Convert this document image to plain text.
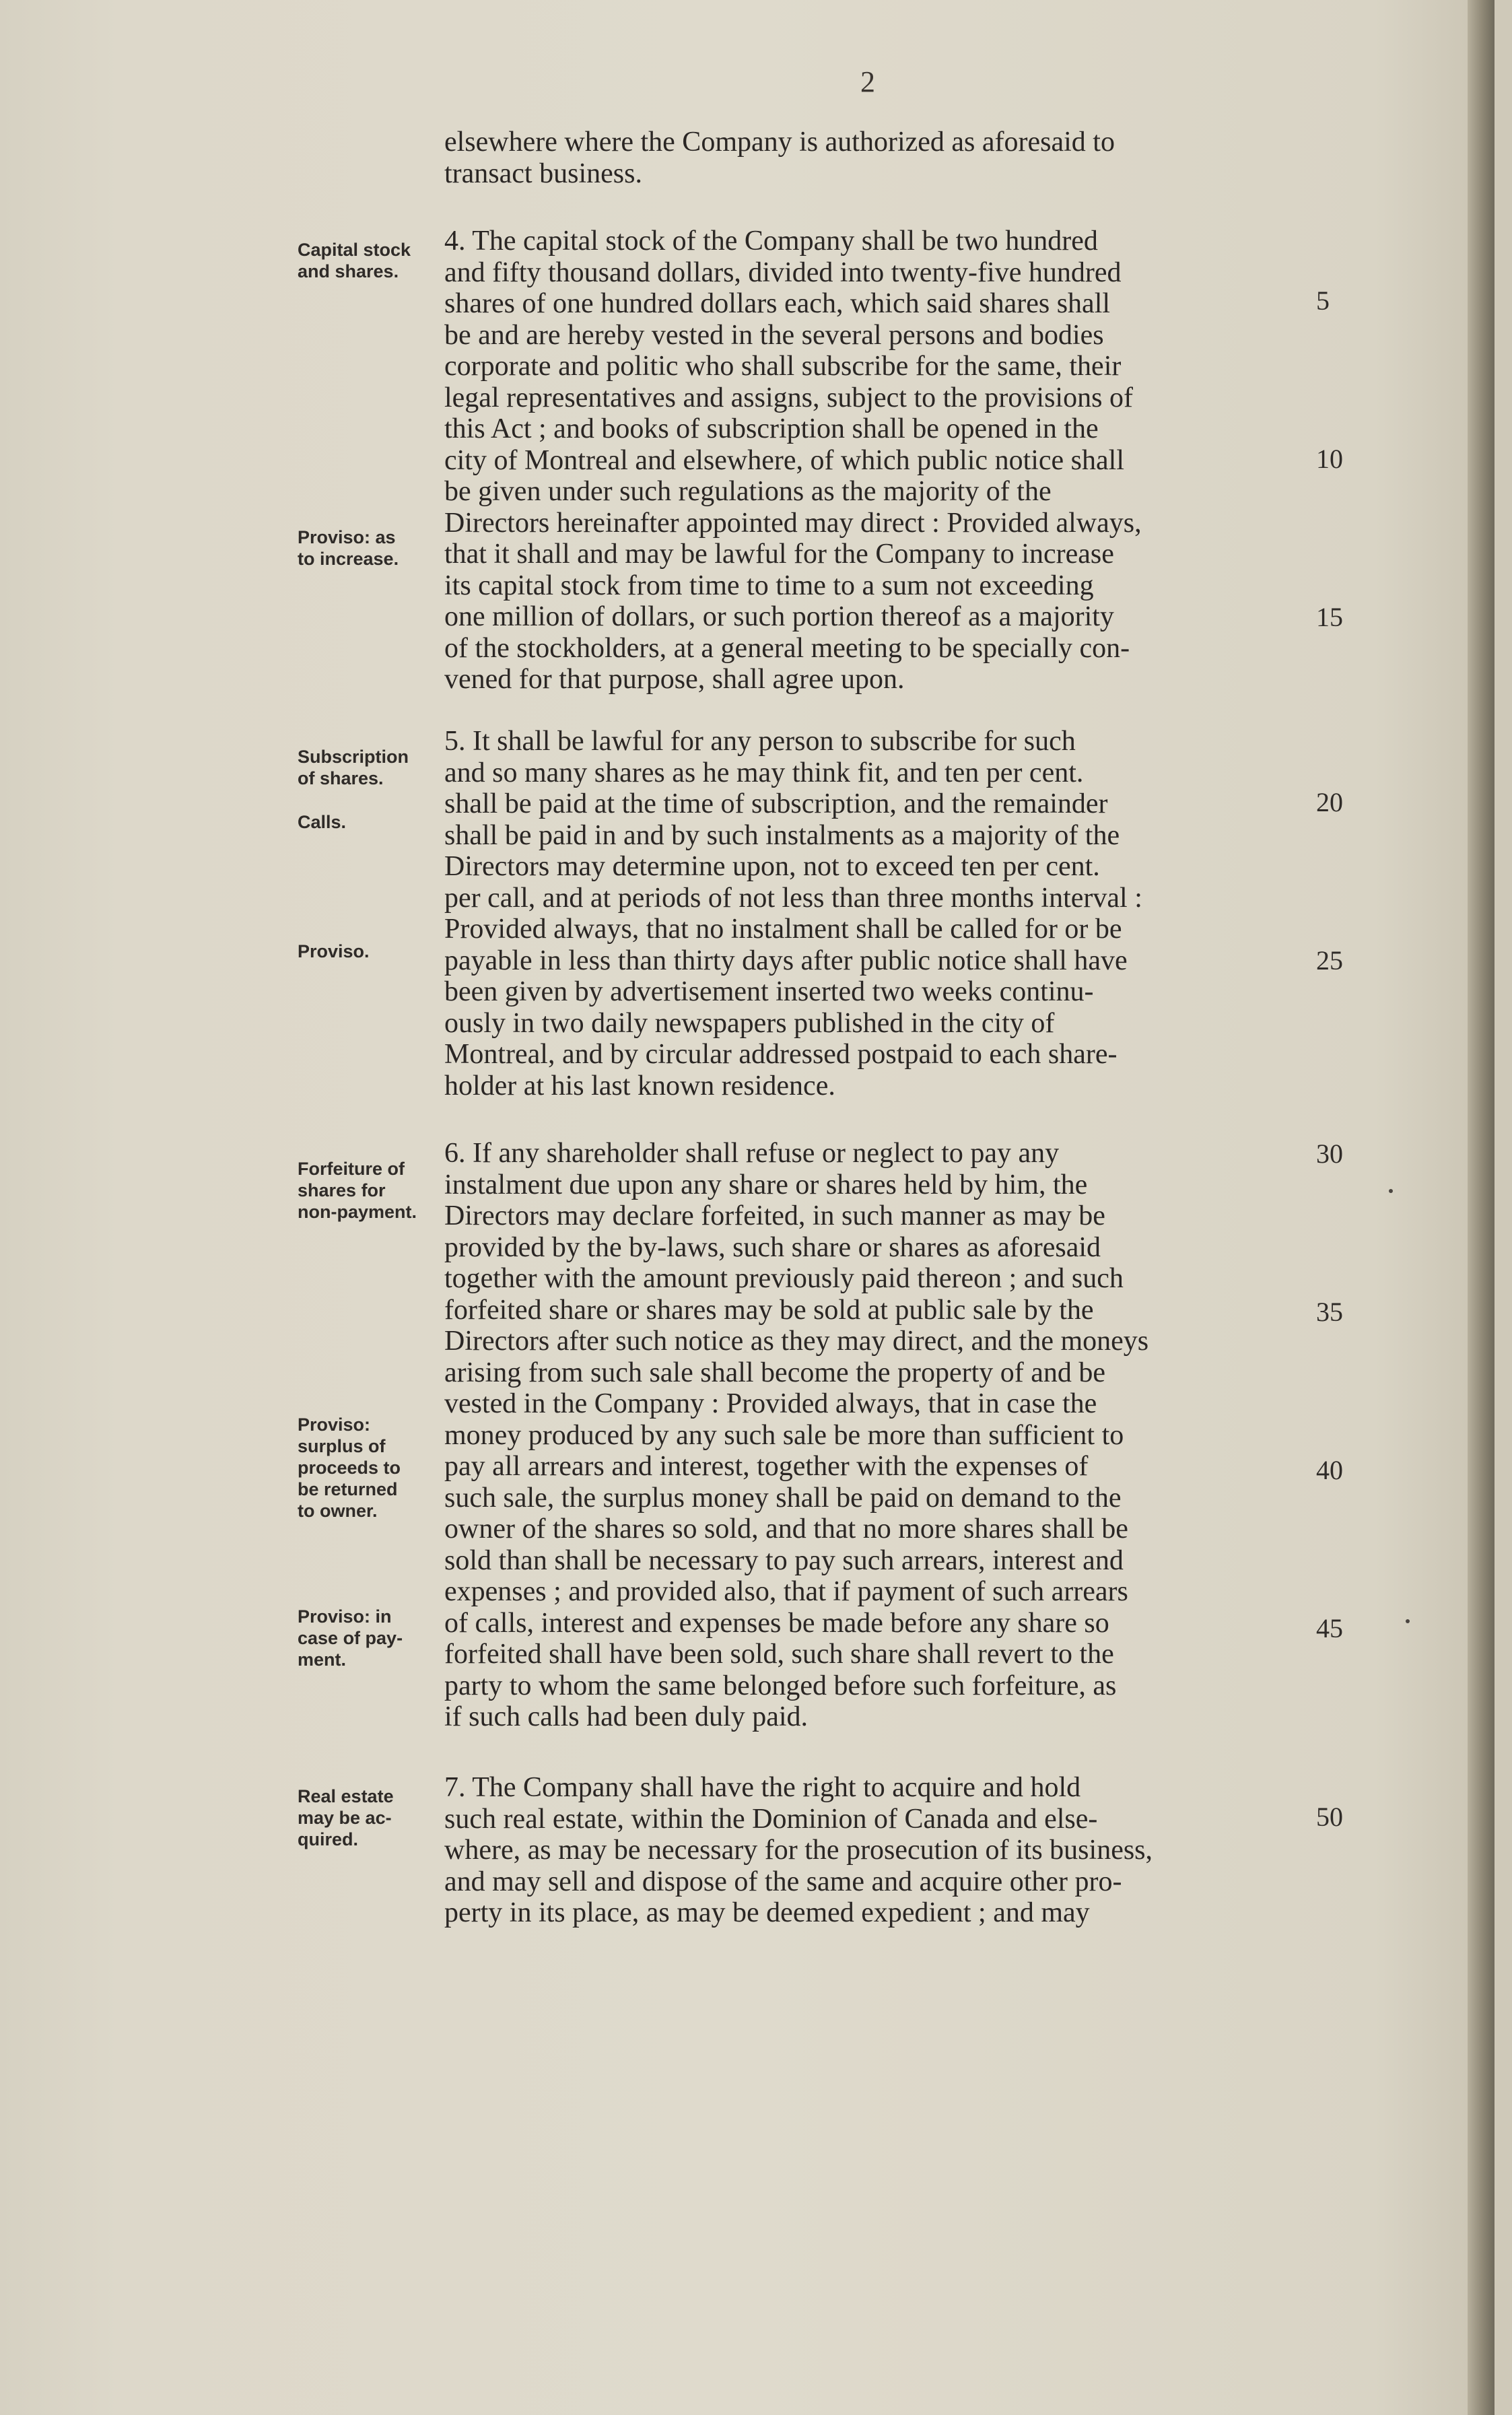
2
elsewhere where the Company is authorized as aforesaid to
transact business.
4. The capital stock of the Company shall be two hundred
and fifty thousand dollars, divided into twenty-five hundred
shares of one hundred dollars each, which said shares shall
be and are hereby vested in the several persons and bodies
corporate and politic who shall subscribe for the same, their
legal representatives and assigns, subject to the provisions of
this Act ; and books of subscription shall be opened in the
city of Montreal and elsewhere, of which public notice shall
be given under such regulations as the majority of the
Directors hereinafter appointed may direct : Provided always,
that it shall and may be lawful for the Company to increase
its capital stock from time to time to a sum not exceeding
one million of dollars, or such portion thereof as a majority
of the stockholders, at a general meeting to be specially con-
vened for that purpose, shall agree upon.
5. It shall be lawful for any person to subscribe for such
and so many shares as he may think fit, and ten per cent.
shall be paid at the time of subscription, and the remainder
shall be paid in and by such instalments as a majority of the
Directors may determine upon, not to exceed ten per cent.
per call, and at periods of not less than three months interval :
Provided always, that no instalment shall be called for or be
payable in less than thirty days after public notice shall have
been given by advertisement inserted two weeks continu-
ously in two daily newspapers published in the city of
Montreal, and by circular addressed postpaid to each share-
holder at his last known residence.
6. If any shareholder shall refuse or neglect to pay any
instalment due upon any share or shares held by him, the
Directors may declare forfeited, in such manner as may be
provided by the by-laws, such share or shares as aforesaid
together with the amount previously paid thereon ; and such
forfeited share or shares may be sold at public sale by the
Directors after such notice as they may direct, and the moneys
arising from such sale shall become the property of and be
vested in the Company : Provided always, that in case the
money produced by any such sale be more than sufficient to
pay all arrears and interest, together with the expenses of
such sale, the surplus money shall be paid on demand to the
owner of the shares so sold, and that no more shares shall be
sold than shall be necessary to pay such arrears, interest and
expenses ; and provided also, that if payment of such arrears
of calls, interest and expenses be made before any share so
forfeited shall have been sold, such share shall revert to the
party to whom the same belonged before such forfeiture, as
if such calls had been duly paid.
7. The Company shall have the right to acquire and hold
such real estate, within the Dominion of Canada and else-
where, as may be necessary for the prosecution of its business,
and may sell and dispose of the same and acquire other pro-
perty in its place, as may be deemed expedient ; and may
Capital stock
and shares.
Proviso: as
to increase.
Subscription
of shares.
Calls.
Proviso.
Forfeiture of
shares for
non-payment.
Proviso:
surplus of
proceeds to
be returned
to owner.
Proviso: in
case of pay-
ment.
Real estate
may be ac-
quired.
5
10
15
20
25
30
35
40
45
50
